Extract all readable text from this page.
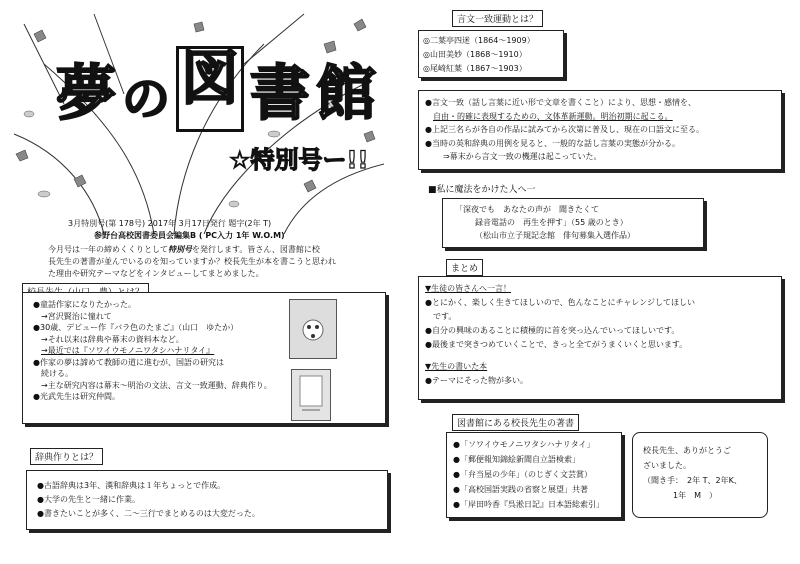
夢 の 図 書 館
☆特別号ー!!
3月特別号(第 178号) 2017年 3月17日発行 題字(2年 T)
参野台高校図書委員会編集B ( PC入力 1年 W.O.M)
今月号は一年の締めくくりとして特別号を発行します。皆さん、図書館に校
長先生の著書が並んでいるのを知っていますか？校長先生が本を書こうと思われ
た理由や研究テーマなどをインタビューしてまとめました。
●童話作家になりたかった。
→宮沢賢治に憧れて
●30歳、デビュー作『バラ色のたまご』（山口　ゆたか）
→それ以来は辞典や幕末の資料本など。
→最近では『ソワイウモノニワタシハナリタイ』
●作家の夢は諦めて教師の道に進むが、国語の研究は
続ける。
→主な研究内容は幕末～明治の文法、言文一致運動、辞典作り。
●光武先生は研究仲間。
辞典作りとは？
●古語辞典は3年、漢和辞典は１年ちょっとで作成。
●大学の先生と一緒に作業。
●書きたいことが多く、二～三行でまとめるのは大変だった。
言文一致運動とは？
◎二葉亭四迷（1864～1909）
◎山田美妙（1868～1910）
◎尾崎紅葉（1867～1903）
●言文一致（話し言葉に近い形で文章を書くこと）により、思想・感情を、
自由・的確に表現するための、文体革新運動。明治初期に起こる。
●上記三名らが各自の作品に試みてから次第に普及し、現在の口語文に至る。
●当時の英和辞典の用例を見ると、一般的な話し言葉の実態が分かる。
⇒幕末から言文一致の機運は起こっていた。
■私に魔法をかけた人へ一
「深夜でも　あなたの声が　聞きたくて
録音電話の　再生を押す」（55 歳のとき）
（松山市立子規記念館　俳句募集入選作品）
まとめ
▼生徒の皆さんへ一言！
●とにかく、楽しく生きてほしいので、色んなことにチャレンジしてほしい
です。
●自分の興味のあることに積極的に首を突っ込んでいってほしいです。
●最後まで突きつめていくことで、きっと全てがうまくいくと思います。
▼先生の書いた本
●テーマにそった物が多い。
図書館にある校長先生の著書
●「ソワイウモノニワタシハナリタイ」
●「郵便報知錦絵新聞自立語検索」
●「弁当屋の少年」（のじぎく文芸賞）
●「高校国語実践の省察と展望」共著
●「岸田吟香『呉淞日記』日本語総索引」
校長先生、ありがとうご
ざいました。
（聞き手：　2年 T、2年K、
1年　M　）
